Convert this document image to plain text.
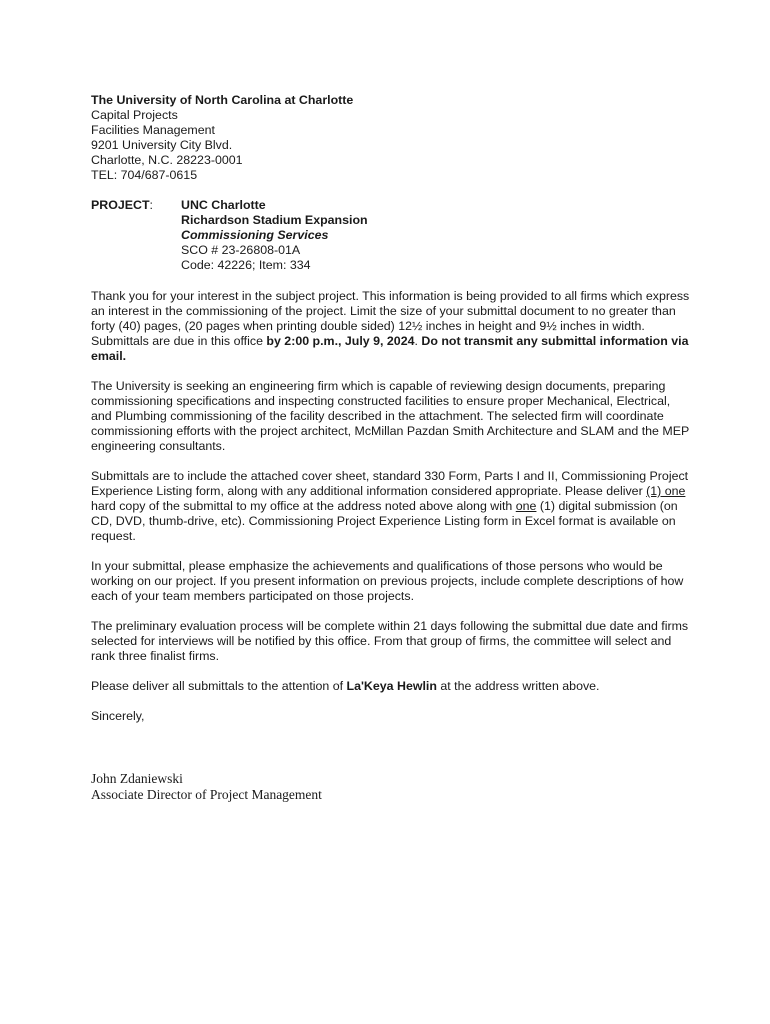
The University of North Carolina at Charlotte
Capital Projects
Facilities Management
9201 University City Blvd.
Charlotte, N.C. 28223-0001
TEL: 704/687-0615
PROJECT: UNC Charlotte
Richardson Stadium Expansion
Commissioning Services
SCO # 23-26808-01A
Code: 42226; Item: 334

Thank you for your interest in the subject project. This information is being provided to all firms which express an interest in the commissioning of the project. Limit the size of your submittal document to no greater than forty (40) pages, (20 pages when printing double sided) 12½ inches in height and 9½ inches in width. Submittals are due in this office by 2:00 p.m., July 9, 2024. Do not transmit any submittal information via email.

The University is seeking an engineering firm which is capable of reviewing design documents, preparing commissioning specifications and inspecting constructed facilities to ensure proper Mechanical, Electrical, and Plumbing commissioning of the facility described in the attachment. The selected firm will coordinate commissioning efforts with the project architect, McMillan Pazdan Smith Architecture and SLAM and the MEP engineering consultants.

Submittals are to include the attached cover sheet, standard 330 Form, Parts I and II, Commissioning Project Experience Listing form, along with any additional information considered appropriate. Please deliver (1) one hard copy of the submittal to my office at the address noted above along with one (1) digital submission (on CD, DVD, thumb-drive, etc). Commissioning Project Experience Listing form in Excel format is available on request.

In your submittal, please emphasize the achievements and qualifications of those persons who would be working on our project. If you present information on previous projects, include complete descriptions of how each of your team members participated on those projects.

The preliminary evaluation process will be complete within 21 days following the submittal due date and firms selected for interviews will be notified by this office. From that group of firms, the committee will select and rank three finalist firms.

Please deliver all submittals to the attention of La'Keya Hewlin at the address written above.

Sincerely,

John Zdaniewski
Associate Director of Project Management
